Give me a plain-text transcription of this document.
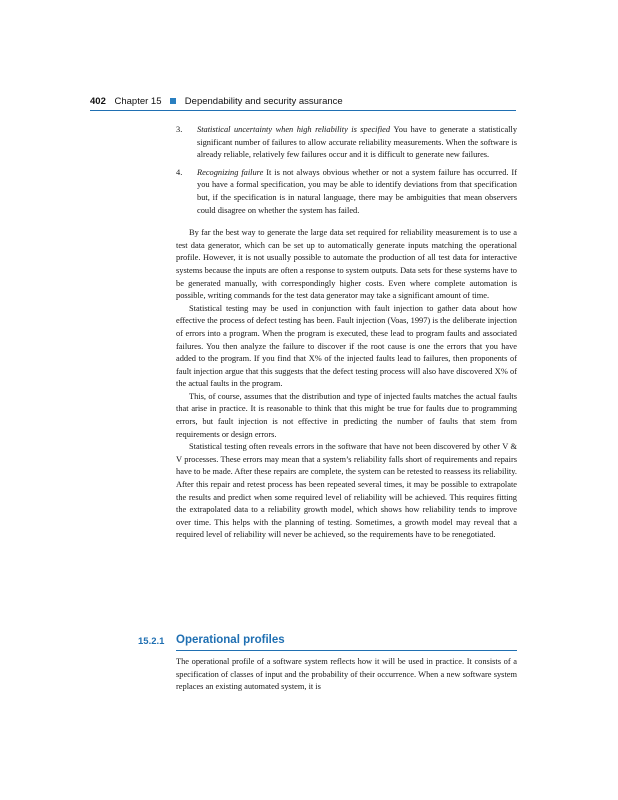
402 Chapter 15 Dependability and security assurance
3. Statistical uncertainty when high reliability is specified You have to generate a statistically significant number of failures to allow accurate reliability measurements. When the software is already reliable, relatively few failures occur and it is difficult to generate new failures.
4. Recognizing failure It is not always obvious whether or not a system failure has occurred. If you have a formal specification, you may be able to identify deviations from that specification but, if the specification is in natural language, there may be ambiguities that mean observers could disagree on whether the system has failed.

By far the best way to generate the large data set required for reliability measurement is to use a test data generator, which can be set up to automatically generate inputs matching the operational profile. However, it is not usually possible to automate the production of all test data for interactive systems because the inputs are often a response to system outputs. Data sets for these systems have to be generated manually, with correspondingly higher costs. Even where complete automation is possible, writing commands for the test data generator may take a significant amount of time.

Statistical testing may be used in conjunction with fault injection to gather data about how effective the process of defect testing has been. Fault injection (Voas, 1997) is the deliberate injection of errors into a program. When the program is executed, these lead to program faults and associated failures. You then analyze the failure to discover if the root cause is one the errors that you have added to the program. If you find that X% of the injected faults lead to failures, then proponents of fault injection argue that this suggests that the defect testing process will also have discovered X% of the actual faults in the program.

This, of course, assumes that the distribution and type of injected faults matches the actual faults that arise in practice. It is reasonable to think that this might be true for faults due to programming errors, but fault injection is not effective in predicting the number of faults that stem from requirements or design errors.

Statistical testing often reveals errors in the software that have not been discovered by other V & V processes. These errors may mean that a system’s reliability falls short of requirements and repairs have to be made. After these repairs are complete, the system can be retested to reassess its reliability. After this repair and retest process has been repeated several times, it may be possible to extrapolate the results and predict when some required level of reliability will be achieved. This requires fitting the extrapolated data to a reliability growth model, which shows how reliability tends to improve over time. This helps with the planning of testing. Sometimes, a growth model may reveal that a required level of reliability will never be achieved, so the requirements have to be renegotiated.

15.2.1 Operational profiles

The operational profile of a software system reflects how it will be used in practice. It consists of a specification of classes of input and the probability of their occurrence. When a new software system replaces an existing automated system, it is
